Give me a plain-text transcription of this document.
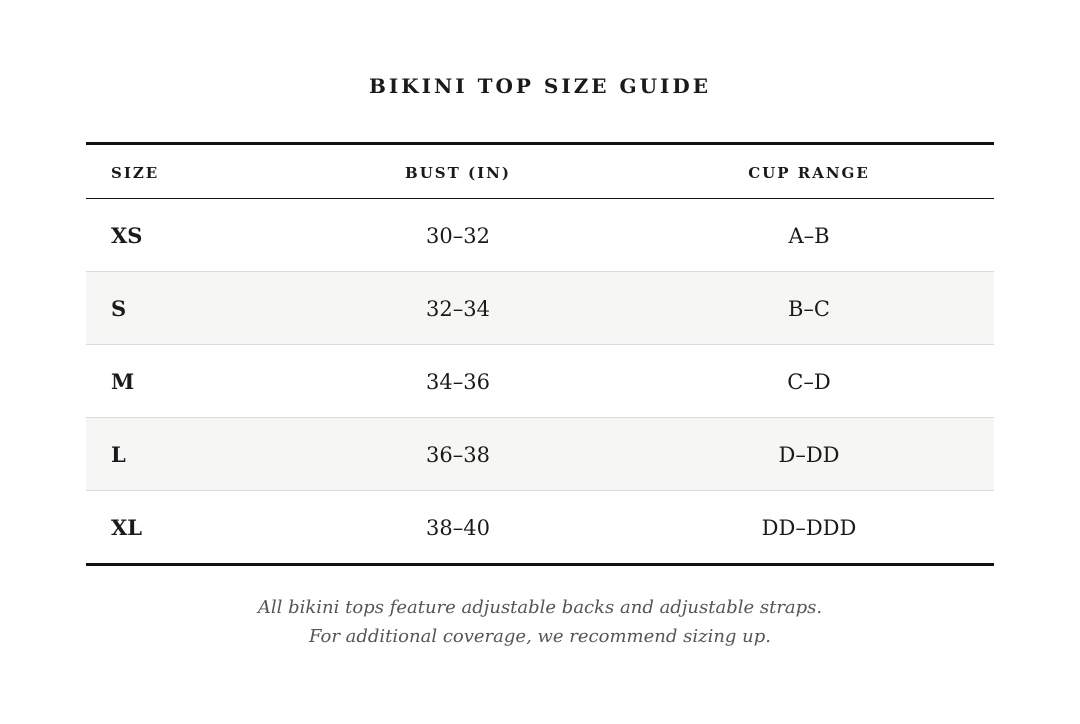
BIKINI TOP SIZE GUIDE
SIZE	BUST (IN)	CUP RANGE
XS	30–32	A–B
S	32–34	B–C
M	34–36	C–D
L	36–38	D–DD
XL	38–40	DD–DDD
All bikini tops feature adjustable backs and adjustable straps.
For additional coverage, we recommend sizing up.
